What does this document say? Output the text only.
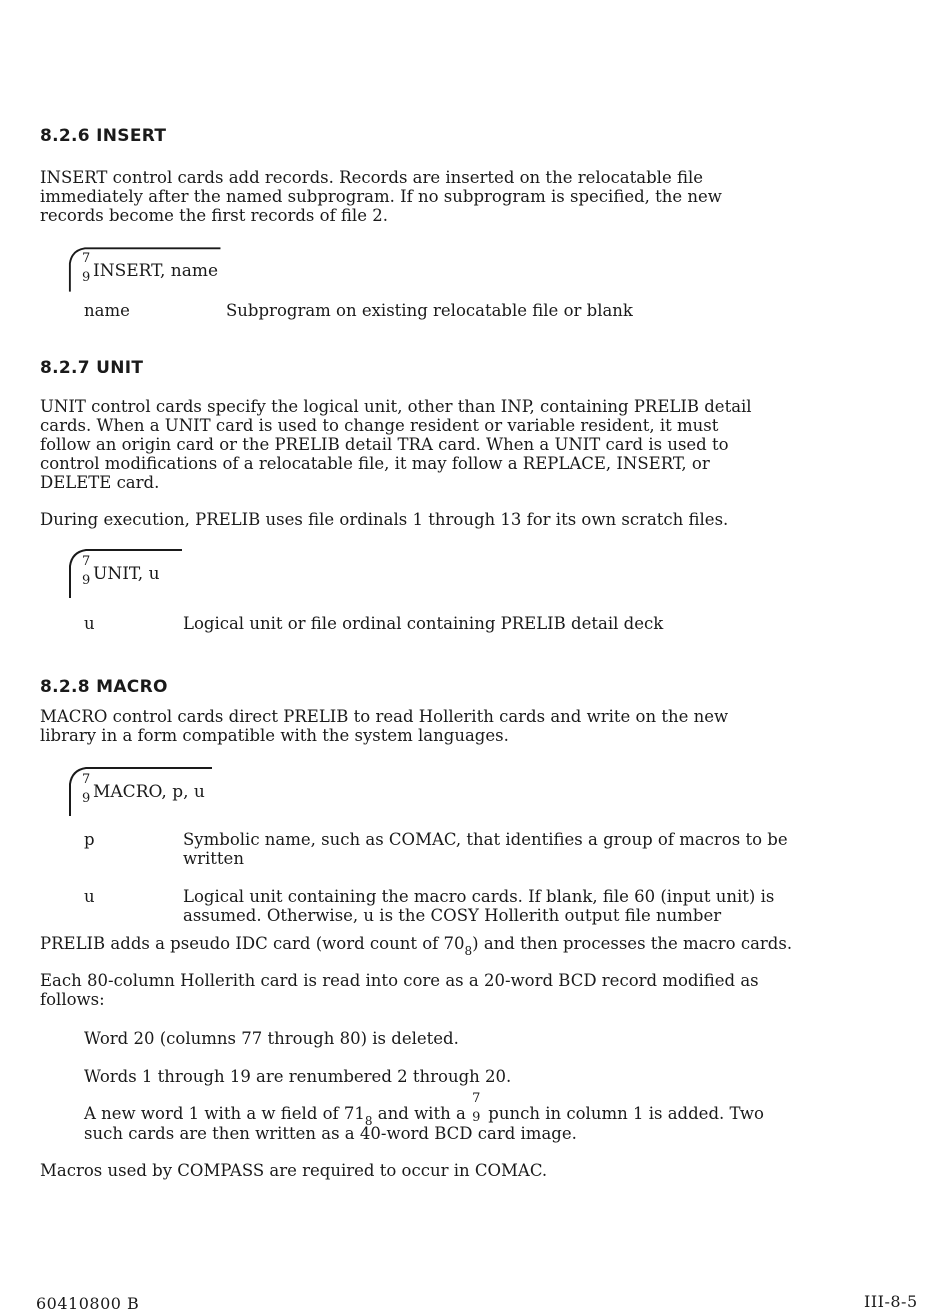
8.2.6 INSERT
INSERT control cards add records. Records are inserted on the relocatable file
immediately after the named subprogram. If no subprogram is specified, the new
records become the first records of file 2.
7
9 INSERT, name
name	Subprogram on existing relocatable file or blank
8.2.7 UNIT
UNIT control cards specify the logical unit, other than INP, containing PRELIB detail
cards. When a UNIT card is used to change resident or variable resident, it must
follow an origin card or the PRELIB detail TRA card. When a UNIT card is used to
control modifications of a relocatable file, it may follow a REPLACE, INSERT, or
DELETE card.
During execution, PRELIB uses file ordinals 1 through 13 for its own scratch files.
7
9 UNIT, u
u	Logical unit or file ordinal containing PRELIB detail deck
8.2.8 MACRO
MACRO control cards direct PRELIB to read Hollerith cards and write on the new
library in a form compatible with the system languages.
7
9 MACRO, p, u
p	Symbolic name, such as COMAC, that identifies a group of macros to be
written
u	Logical unit containing the macro cards. If blank, file 60 (input unit) is
assumed. Otherwise, u is the COSY Hollerith output file number
PRELIB adds a pseudo IDC card (word count of $70_8$) and then processes the macro cards.
Each 80-column Hollerith card is read into core as a 20-word BCD record modified as
follows:
Word 20 (columns 77 through 80) is deleted.
Words 1 through 19 are renumbered 2 through 20.
A new word 1 with a w field of $71_8$ and with a
7
9 punch in column 1 is added. Two
such cards are then written as a 40-word BCD card image.
Macros used by COMPASS are required to occur in COMAC.
60410800 B	III-8-5
